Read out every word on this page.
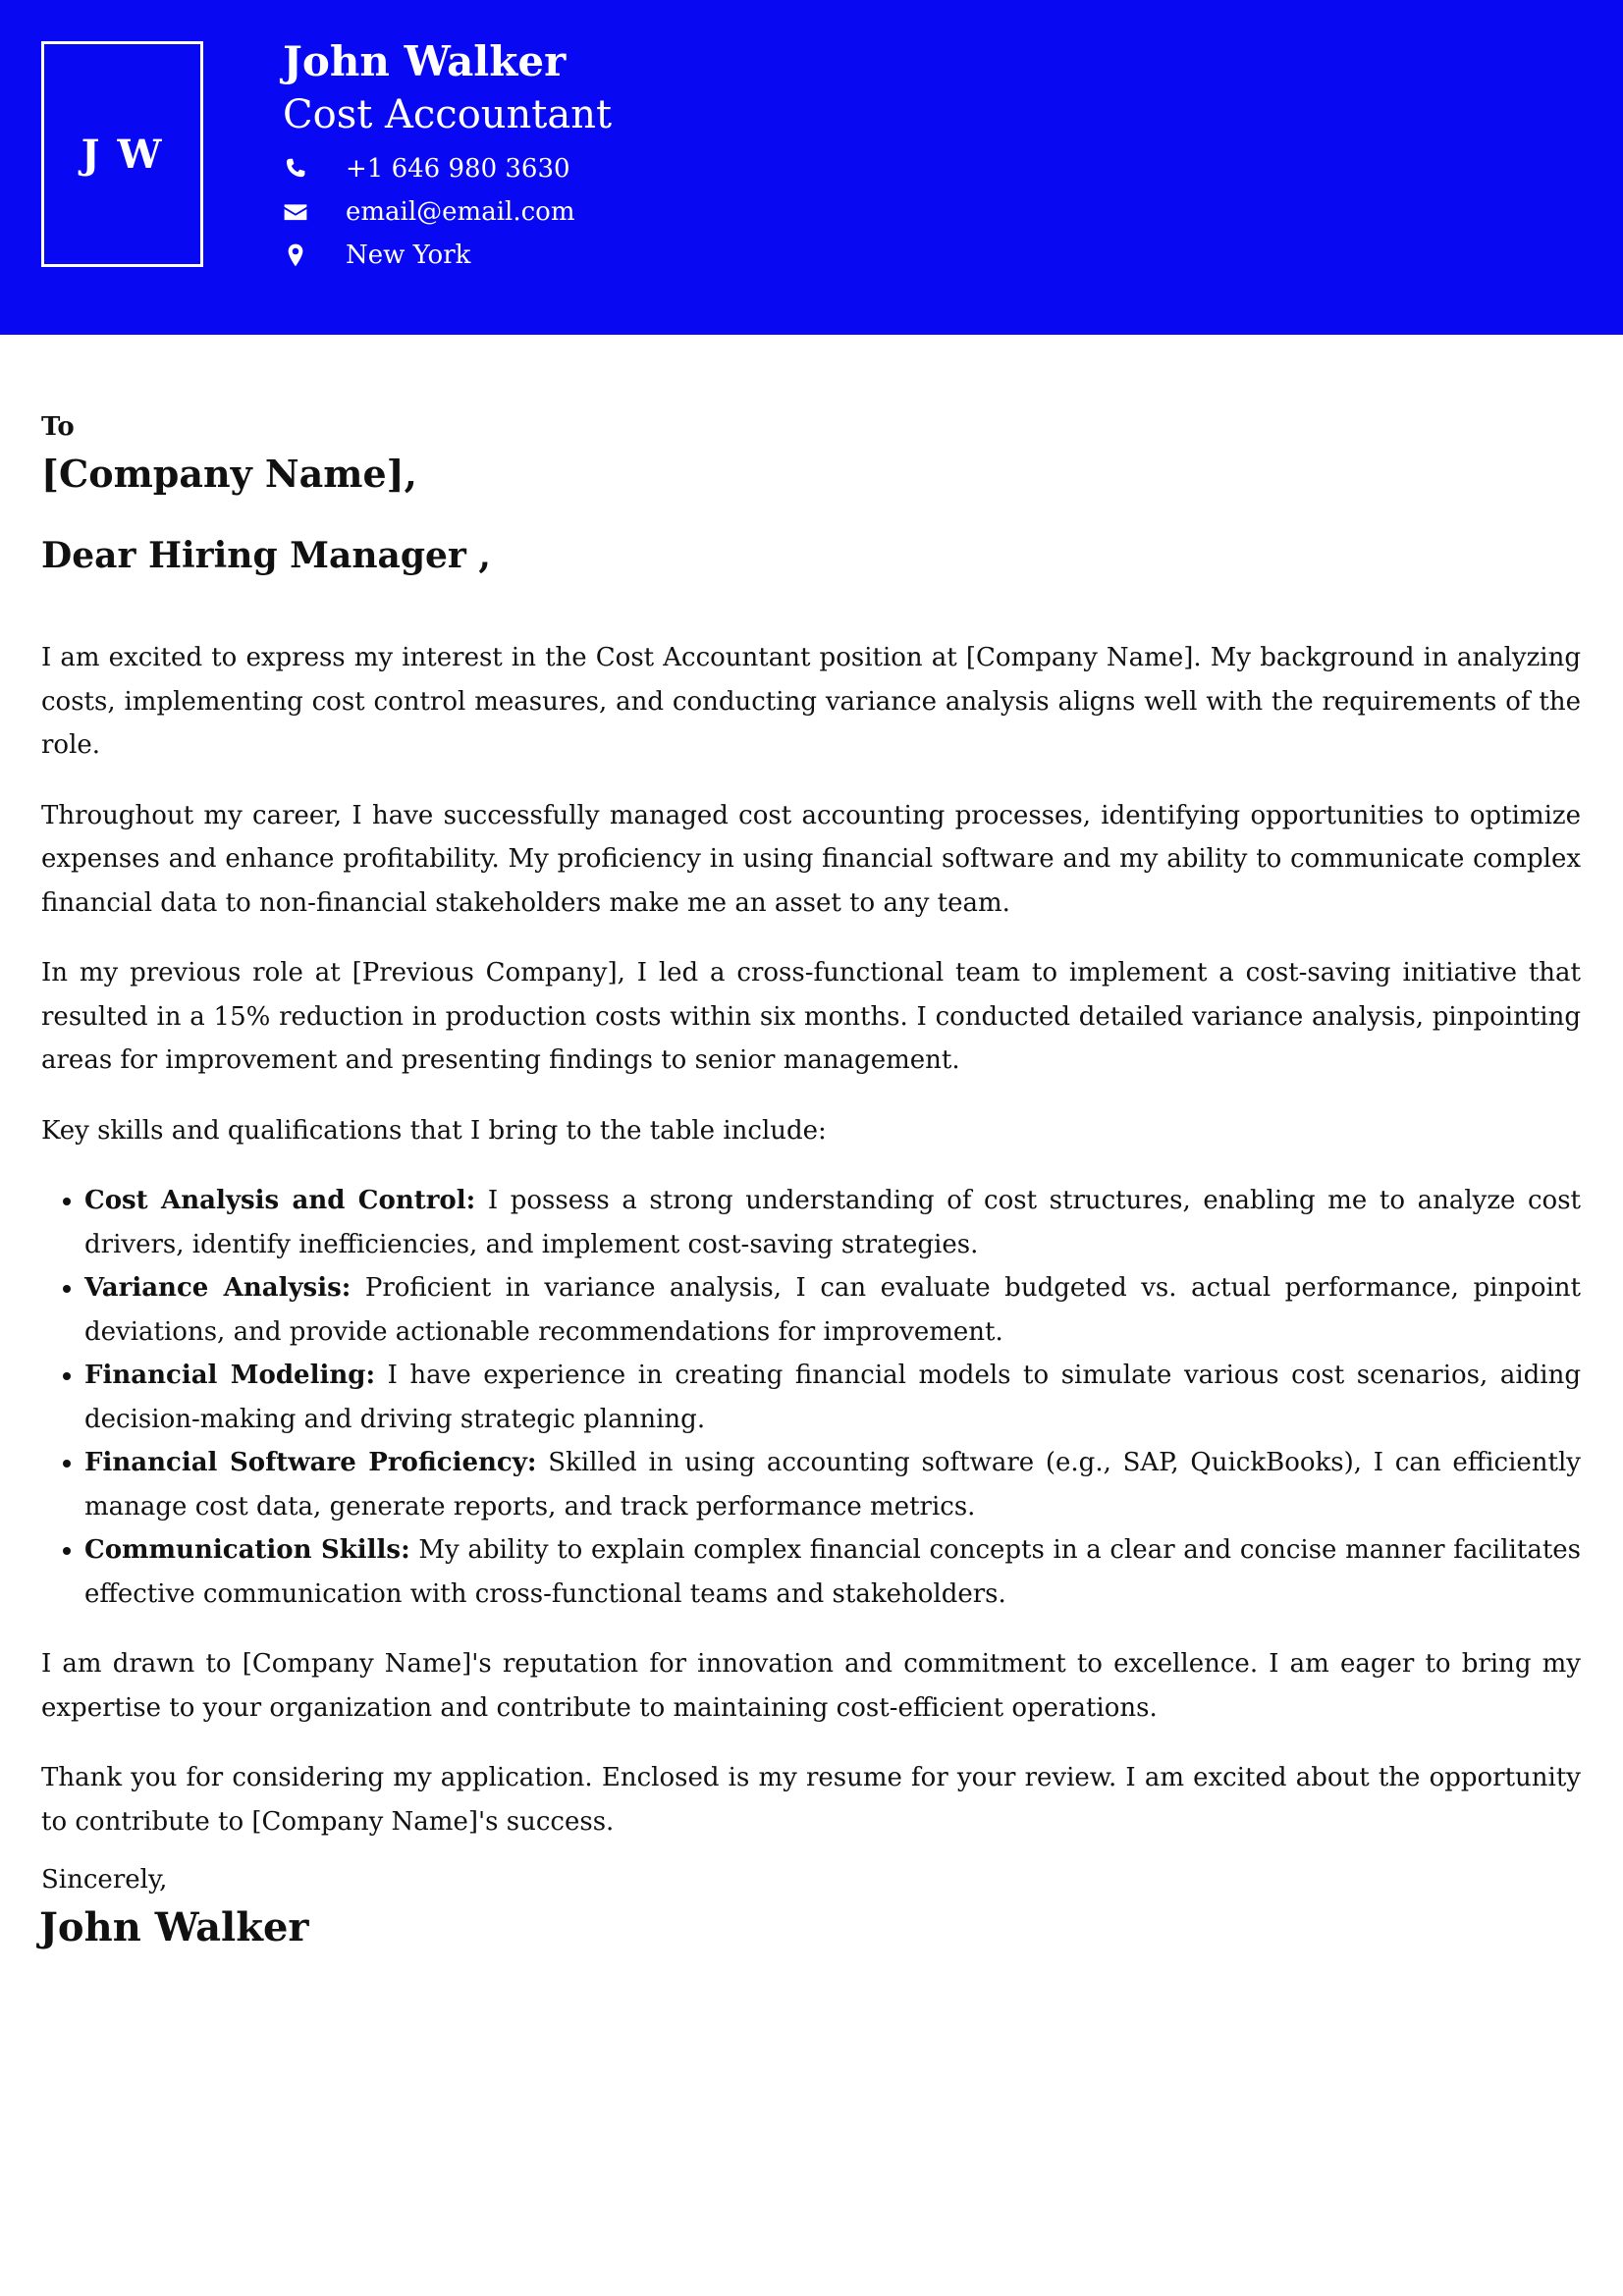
J W
John Walker
Cost Accountant
+1 646 980 3630
email@email.com
New York
To
[Company Name],
Dear Hiring Manager ,

I am excited to express my interest in the Cost Accountant position at [Company Name]. My background in analyzing costs, implementing cost control measures, and conducting variance analysis aligns well with the requirements of the role.

Throughout my career, I have successfully managed cost accounting processes, identifying opportunities to optimize expenses and enhance profitability. My proficiency in using financial software and my ability to communicate complex financial data to non-financial stakeholders make me an asset to any team.

In my previous role at [Previous Company], I led a cross-functional team to implement a cost-saving initiative that resulted in a 15% reduction in production costs within six months. I conducted detailed variance analysis, pinpointing areas for improvement and presenting findings to senior management.

Key skills and qualifications that I bring to the table include:

• Cost Analysis and Control: I possess a strong understanding of cost structures, enabling me to analyze cost drivers, identify inefficiencies, and implement cost-saving strategies.
• Variance Analysis: Proficient in variance analysis, I can evaluate budgeted vs. actual performance, pinpoint deviations, and provide actionable recommendations for improvement.
• Financial Modeling: I have experience in creating financial models to simulate various cost scenarios, aiding decision-making and driving strategic planning.
• Financial Software Proficiency: Skilled in using accounting software (e.g., SAP, QuickBooks), I can efficiently manage cost data, generate reports, and track performance metrics.
• Communication Skills: My ability to explain complex financial concepts in a clear and concise manner facilitates effective communication with cross-functional teams and stakeholders.

I am drawn to [Company Name]'s reputation for innovation and commitment to excellence. I am eager to bring my expertise to your organization and contribute to maintaining cost-efficient operations.

Thank you for considering my application. Enclosed is my resume for your review. I am excited about the opportunity to contribute to [Company Name]'s success.

Sincerely,
John Walker
